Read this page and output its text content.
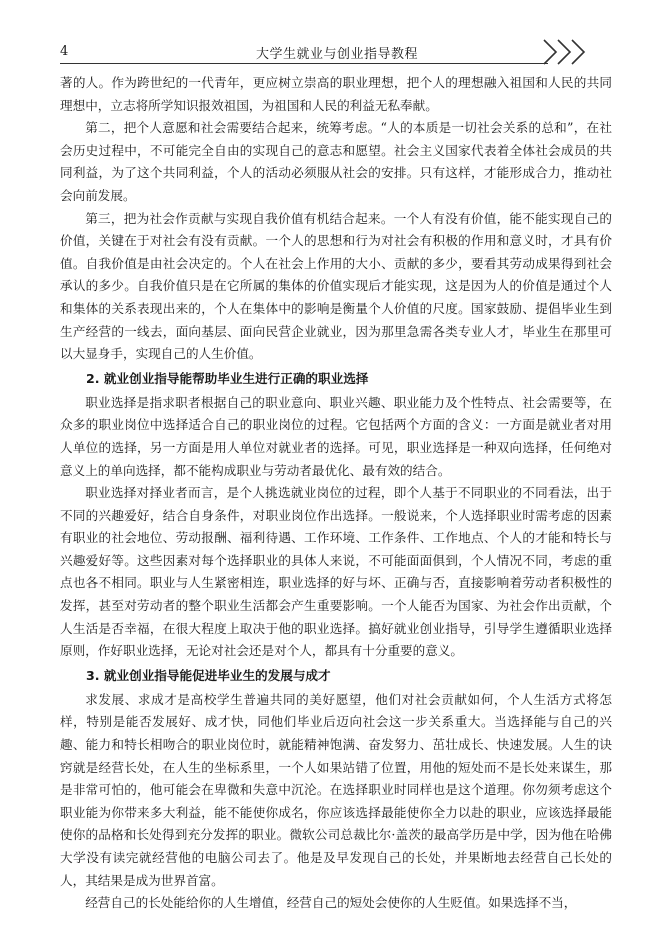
4	大学生就业与创业指导教程

著的人。作为跨世纪的一代青年，更应树立崇高的职业理想，把个人的理想融入祖国和人民的共同理想中，立志将所学知识报效祖国，为祖国和人民的利益无私奉献。

第二，把个人意愿和社会需要结合起来，统筹考虑。“人的本质是一切社会关系的总和”，在社会历史过程中，不可能完全自由的实现自己的意志和愿望。社会主义国家代表着全体社会成员的共同利益，为了这个共同利益，个人的活动必须服从社会的安排。只有这样，才能形成合力，推动社会向前发展。

第三，把为社会作贡献与实现自我价值有机结合起来。一个人有没有价值，能不能实现自己的价值，关键在于对社会有没有贡献。一个人的思想和行为对社会有积极的作用和意义时，才具有价值。自我价值是由社会决定的。个人在社会上作用的大小、贡献的多少，要看其劳动成果得到社会承认的多少。自我价值只是在它所属的集体的价值实现后才能实现，这是因为人的价值是通过个人和集体的关系表现出来的，个人在集体中的影响是衡量个人价值的尺度。国家鼓励、提倡毕业生到生产经营的一线去，面向基层、面向民营企业就业，因为那里急需各类专业人才，毕业生在那里可以大显身手，实现自己的人生价值。

2. 就业创业指导能帮助毕业生进行正确的职业选择

职业选择是指求职者根据自己的职业意向、职业兴趣、职业能力及个性特点、社会需要等，在众多的职业岗位中选择适合自己的职业岗位的过程。它包括两个方面的含义：一方面是就业者对用人单位的选择，另一方面是用人单位对就业者的选择。可见，职业选择是一种双向选择，任何绝对意义上的单向选择，都不能构成职业与劳动者最优化、最有效的结合。

职业选择对择业者而言，是个人挑选就业岗位的过程，即个人基于不同职业的不同看法，出于不同的兴趣爱好，结合自身条件，对职业岗位作出选择。一般说来，个人选择职业时需考虑的因素有职业的社会地位、劳动报酬、福利待遇、工作环境、工作条件、工作地点、个人的才能和特长与兴趣爱好等。这些因素对每个选择职业的具体人来说，不可能面面俱到，个人情况不同，考虑的重点也各不相同。职业与人生紧密相连，职业选择的好与坏、正确与否，直接影响着劳动者积极性的发挥，甚至对劳动者的整个职业生活都会产生重要影响。一个人能否为国家、为社会作出贡献，个人生活是否幸福，在很大程度上取决于他的职业选择。搞好就业创业指导，引导学生遵循职业选择原则，作好职业选择，无论对社会还是对个人，都具有十分重要的意义。

3. 就业创业指导能促进毕业生的发展与成才

求发展、求成才是高校学生普遍共同的美好愿望，他们对社会贡献如何，个人生活方式将怎样，特别是能否发展好、成才快，同他们毕业后迈向社会这一步关系重大。当选择能与自己的兴趣、能力和特长相吻合的职业岗位时，就能精神饱满、奋发努力、茁壮成长、快速发展。人生的诀窍就是经营长处，在人生的坐标系里，一个人如果站错了位置，用他的短处而不是长处来谋生，那是非常可怕的，他可能会在卑微和失意中沉沦。在选择职业时同样也是这个道理。你勿须考虑这个职业能为你带来多大利益，能不能使你成名，你应该选择最能使你全力以赴的职业，应该选择最能使你的品格和长处得到充分发挥的职业。微软公司总裁比尔·盖茨的最高学历是中学，因为他在哈佛大学没有读完就经营他的电脑公司去了。他是及早发现自己的长处，并果断地去经营自己长处的人，其结果是成为世界首富。

经营自己的长处能给你的人生增值，经营自己的短处会使你的人生贬值。如果选择不当，
